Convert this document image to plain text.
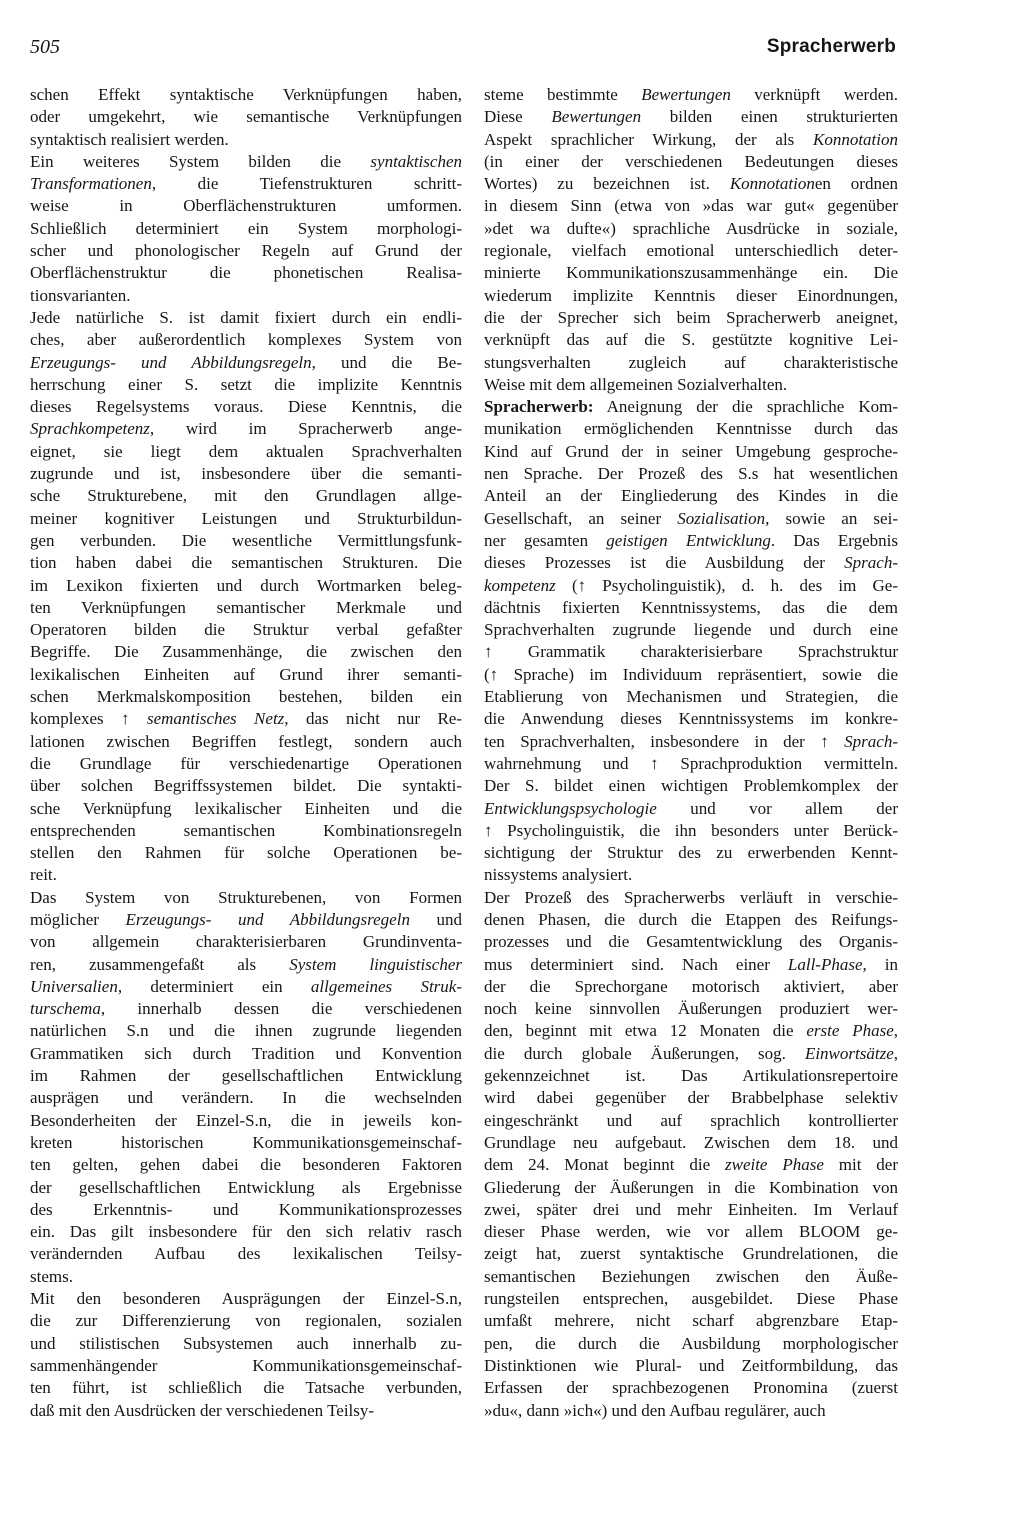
505	Spracherwerb
schen Effekt syntaktische Verknüpfungen haben,
oder umgekehrt, wie semantische Verknüpfungen
syntaktisch realisiert werden.
Ein weiteres System bilden die syntaktischen
Transformationen, die Tiefenstrukturen schritt-
weise in Oberflächenstrukturen umformen.
Schließlich determiniert ein System morphologi-
scher und phonologischer Regeln auf Grund der
Oberflächenstruktur die phonetischen Realisa-
tionsvarianten.
Jede natürliche S. ist damit fixiert durch ein endli-
ches, aber außerordentlich komplexes System von
Erzeugungs- und Abbildungsregeln, und die Be-
herrschung einer S. setzt die implizite Kenntnis
dieses Regelsystems voraus. Diese Kenntnis, die
Sprachkompetenz, wird im Spracherwerb ange-
eignet, sie liegt dem aktualen Sprachverhalten
zugrunde und ist, insbesondere über die semanti-
sche Strukturebene, mit den Grundlagen allge-
meiner kognitiver Leistungen und Strukturbildun-
gen verbunden. Die wesentliche Vermittlungsfunk-
tion haben dabei die semantischen Strukturen. Die
im Lexikon fixierten und durch Wortmarken beleg-
ten Verknüpfungen semantischer Merkmale und
Operatoren bilden die Struktur verbal gefaßter
Begriffe. Die Zusammenhänge, die zwischen den
lexikalischen Einheiten auf Grund ihrer semanti-
schen Merkmalskomposition bestehen, bilden ein
komplexes ↑ semantisches Netz, das nicht nur Re-
lationen zwischen Begriffen festlegt, sondern auch
die Grundlage für verschiedenartige Operationen
über solchen Begriffssystemen bildet. Die syntakti-
sche Verknüpfung lexikalischer Einheiten und die
entsprechenden semantischen Kombinationsregeln
stellen den Rahmen für solche Operationen be-
reit.
Das System von Strukturebenen, von Formen
möglicher Erzeugungs- und Abbildungsregeln und
von allgemein charakterisierbaren Grundinventa-
ren, zusammengefaßt als System linguistischer
Universalien, determiniert ein allgemeines Struk-
turschema, innerhalb dessen die verschiedenen
natürlichen S.n und die ihnen zugrunde liegenden
Grammatiken sich durch Tradition und Konvention
im Rahmen der gesellschaftlichen Entwicklung
ausprägen und verändern. In die wechselnden
Besonderheiten der Einzel-S.n, die in jeweils kon-
kreten historischen Kommunikationsgemeinschaf-
ten gelten, gehen dabei die besonderen Faktoren
der gesellschaftlichen Entwicklung als Ergebnisse
des Erkenntnis- und Kommunikationsprozesses
ein. Das gilt insbesondere für den sich relativ rasch
verändernden Aufbau des lexikalischen Teilsy-
stems.
Mit den besonderen Ausprägungen der Einzel-S.n,
die zur Differenzierung von regionalen, sozialen
und stilistischen Subsystemen auch innerhalb zu-
sammenhängender Kommunikationsgemeinschaf-
ten führt, ist schließlich die Tatsache verbunden,
daß mit den Ausdrücken der verschiedenen Teilsy-
steme bestimmte Bewertungen verknüpft werden.
Diese Bewertungen bilden einen strukturierten
Aspekt sprachlicher Wirkung, der als Konnotation
(in einer der verschiedenen Bedeutungen dieses
Wortes) zu bezeichnen ist. Konnotationen ordnen
in diesem Sinn (etwa von »das war gut« gegenüber
»det wa dufte«) sprachliche Ausdrücke in soziale,
regionale, vielfach emotional unterschiedlich deter-
minierte Kommunikationszusammenhänge ein. Die
wiederum implizite Kenntnis dieser Einordnungen,
die der Sprecher sich beim Spracherwerb aneignet,
verknüpft das auf die S. gestützte kognitive Lei-
stungsverhalten zugleich auf charakteristische
Weise mit dem allgemeinen Sozialverhalten.
Spracherwerb: Aneignung der die sprachliche Kom-
munikation ermöglichenden Kenntnisse durch das
Kind auf Grund der in seiner Umgebung gesproche-
nen Sprache. Der Prozeß des S.s hat wesentlichen
Anteil an der Eingliederung des Kindes in die
Gesellschaft, an seiner Sozialisation, sowie an sei-
ner gesamten geistigen Entwicklung. Das Ergebnis
dieses Prozesses ist die Ausbildung der Sprach-
kompetenz (↑ Psycholinguistik), d. h. des im Ge-
dächtnis fixierten Kenntnissystems, das die dem
Sprachverhalten zugrunde liegende und durch eine
↑ Grammatik charakterisierbare Sprachstruktur
(↑ Sprache) im Individuum repräsentiert, sowie die
Etablierung von Mechanismen und Strategien, die
die Anwendung dieses Kenntnissystems im konkre-
ten Sprachverhalten, insbesondere in der ↑ Sprach-
wahrnehmung und ↑ Sprachproduktion vermitteln.
Der S. bildet einen wichtigen Problemkomplex der
Entwicklungspsychologie und vor allem der
↑ Psycholinguistik, die ihn besonders unter Berück-
sichtigung der Struktur des zu erwerbenden Kennt-
nissystems analysiert.
Der Prozeß des Spracherwerbs verläuft in verschie-
denen Phasen, die durch die Etappen des Reifungs-
prozesses und die Gesamtentwicklung des Organis-
mus determiniert sind. Nach einer Lall-Phase, in
der die Sprechorgane motorisch aktiviert, aber
noch keine sinnvollen Äußerungen produziert wer-
den, beginnt mit etwa 12 Monaten die erste Phase,
die durch globale Äußerungen, sog. Einwortsätze,
gekennzeichnet ist. Das Artikulationsrepertoire
wird dabei gegenüber der Brabbelphase selektiv
eingeschränkt und auf sprachlich kontrollierter
Grundlage neu aufgebaut. Zwischen dem 18. und
dem 24. Monat beginnt die zweite Phase mit der
Gliederung der Äußerungen in die Kombination von
zwei, später drei und mehr Einheiten. Im Verlauf
dieser Phase werden, wie vor allem BLOOM ge-
zeigt hat, zuerst syntaktische Grundrelationen, die
semantischen Beziehungen zwischen den Äuße-
rungsteilen entsprechen, ausgebildet. Diese Phase
umfaßt mehrere, nicht scharf abgrenzbare Etap-
pen, die durch die Ausbildung morphologischer
Distinktionen wie Plural- und Zeitformbildung, das
Erfassen der sprachbezogenen Pronomina (zuerst
»du«, dann »ich«) und den Aufbau regulärer, auch
